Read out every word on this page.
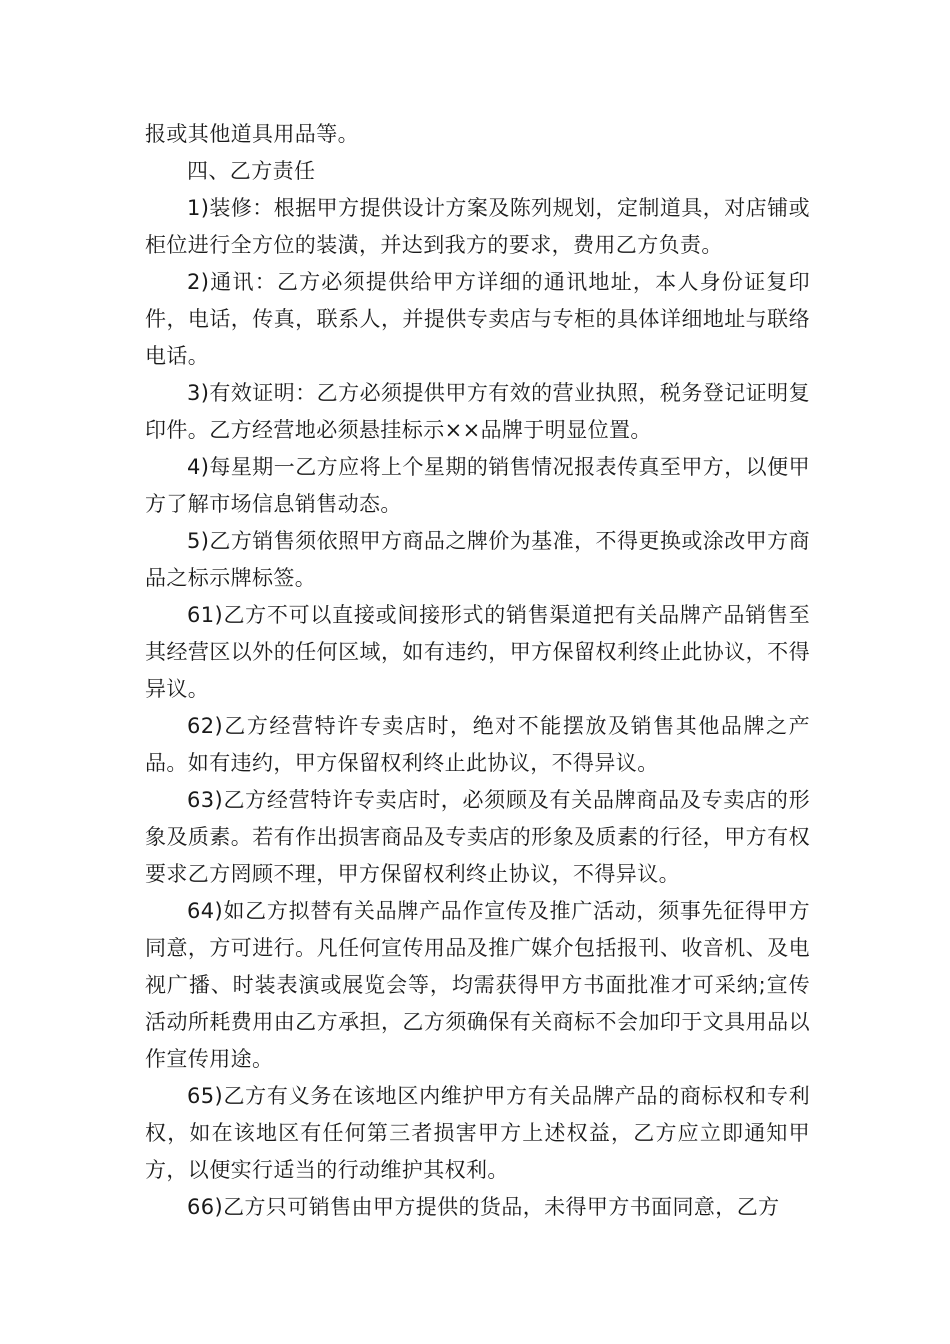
报或其他道具用品等。

四、乙方责任

1)装修：根据甲方提供设计方案及陈列规划，定制道具，对店铺或柜位进行全方位的装潢，并达到我方的要求，费用乙方负责。

2)通讯：乙方必须提供给甲方详细的通讯地址，本人身份证复印件，电话，传真，联系人，并提供专卖店与专柜的具体详细地址与联络电话。

3)有效证明：乙方必须提供甲方有效的营业执照，税务登记证明复印件。乙方经营地必须悬挂标示××品牌于明显位置。

4)每星期一乙方应将上个星期的销售情况报表传真至甲方，以便甲方了解市场信息销售动态。

5)乙方销售须依照甲方商品之牌价为基准，不得更换或涂改甲方商品之标示牌标签。

61)乙方不可以直接或间接形式的销售渠道把有关品牌产品销售至其经营区以外的任何区域，如有违约，甲方保留权利终止此协议，不得异议。

62)乙方经营特许专卖店时，绝对不能摆放及销售其他品牌之产品。如有违约，甲方保留权利终止此协议，不得异议。

63)乙方经营特许专卖店时，必须顾及有关品牌商品及专卖店的形象及质素。若有作出损害商品及专卖店的形象及质素的行径，甲方有权要求乙方罔顾不理，甲方保留权利终止协议，不得异议。

64)如乙方拟替有关品牌产品作宣传及推广活动，须事先征得甲方同意，方可进行。凡任何宣传用品及推广媒介包括报刊、收音机、及电视广播、时装表演或展览会等，均需获得甲方书面批准才可采纳;宣传活动所耗费用由乙方承担，乙方须确保有关商标不会加印于文具用品以作宣传用途。

65)乙方有义务在该地区内维护甲方有关品牌产品的商标权和专利权，如在该地区有任何第三者损害甲方上述权益，乙方应立即通知甲方，以便实行适当的行动维护其权利。

66)乙方只可销售由甲方提供的货品，未得甲方书面同意，乙方
